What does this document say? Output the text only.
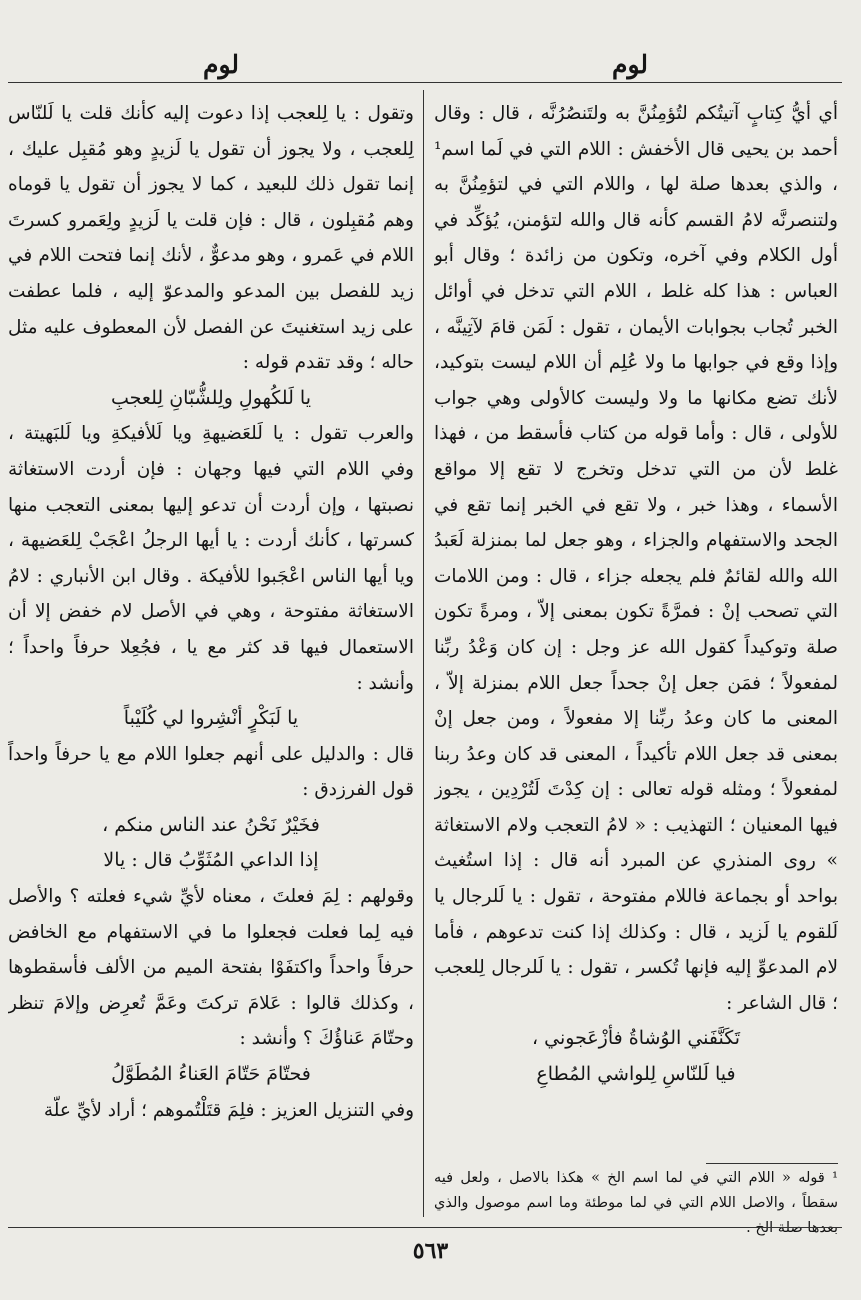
لوم
لوم

أي أيُّ كِتابٍ آتيتُكم لتُؤمِنُنَّ به ولتَنصُرُنَّه ، قال : وقال أحمد بن يحيى قال الأخفش : اللام التي في لَما اسم¹ ، والذي بعدها صلة لها ، واللام التي في لتؤمِنُنَّ به ولتنصرنَّه لامُ القسم كأنه قال والله لتؤمنن، يُؤكِّد في أول الكلام وفي آخره، وتكون من زائدة ؛ وقال أبو العباس : هذا كله غلط ، اللام التي تدخل في أوائل الخبر تُجاب بجوابات الأيمان ، تقول : لَمَن قامَ لآتِينَّه ، وإذا وقع في جوابها ما ولا عُلِم أن اللام ليست بتوكيد، لأنك تضع مكانها ما ولا وليست كالأولى وهي جواب للأولى ، قال : وأما قوله من كتاب فأسقط من ، فهذا غلط لأن من التي تدخل وتخرج لا تقع إلا مواقع الأسماء ، وهذا خبر ، ولا تقع في الخبر إنما تقع في الجحد والاستفهام والجزاء ، وهو جعل لما بمنزلة لَعَبدُ الله والله لقائمٌ فلم يجعله جزاء ، قال : ومن اللامات التي تصحب إنْ : فمرَّةً تكون بمعنى إلاّ ، ومرةً تكون صلة وتوكيداً كقول الله عز وجل : إن كان وَعْدُ ربِّنا لمفعولاً ؛ فمَن جعل إنْ جحداً جعل اللام بمنزلة إلاّ ، المعنى ما كان وعدُ ربِّنا إلا مفعولاً ، ومن جعل إنْ بمعنى قد جعل اللام تأكيداً ، المعنى قد كان وعدُ ربنا لمفعولاً ؛ ومثله قوله تعالى : إن كِدْتَ لَتُرْدِين ، يجوز فيها المعنيان ؛ التهذيب : « لامُ التعجب ولام الاستغاثة » روى المنذري عن المبرد أنه قال : إذا استُغيث بواحد أو بجماعة فاللام مفتوحة ، تقول : يا لَلرجال يا لَلقوم يا لَزيد ، قال : وكذلك إذا كنت تدعوهم ، فأما لام المدعوِّ إليه فإنها تُكسر ، تقول : يا لَلرجال لِلعجب ؛ قال الشاعر :

تَكَنَّفَني الوُشاةُ فأزْعَجوني ،

فيا لَلنّاسِ لِلواشي المُطاعِ

وتقول : يا لِلعجب إذا دعوت إليه كأنك قلت يا لَلنّاس لِلعجب ، ولا يجوز أن تقول يا لَزيدٍ وهو مُقبِل عليك ، إنما تقول ذلك للبعيد ، كما لا يجوز أن تقول يا قوماه وهم مُقبِلون ، قال : فإن قلت يا لَزيدٍ ولِعَمرو كسرتَ اللام في عَمرو ، وهو مدعوٌّ ، لأنك إنما فتحت اللام في زيد للفصل بين المدعو والمدعوّ إليه ، فلما عطفت على زيد استغنيتَ عن الفصل لأن المعطوف عليه مثل حاله ؛ وقد تقدم قوله :

يا لَلكُهولِ ولِلشُّبّانِ لِلعجبِ

والعرب تقول : يا لَلعَضيهةِ ويا لَلأفيكةِ ويا لَلبَهيتة ، وفي اللام التي فيها وجهان : فإن أردت الاستغاثة نصبتها ، وإن أردت أن تدعو إليها بمعنى التعجب منها كسرتها ، كأنك أردت : يا أيها الرجلُ اعْجَبْ لِلعَضيهة ، ويا أيها الناس اعْجَبوا للأفيكة . وقال ابن الأنباري : لامُ الاستغاثة مفتوحة ، وهي في الأصل لام خفض إلا أن الاستعمال فيها قد كثر مع يا ، فجُعِلا حرفاً واحداً ؛ وأنشد :

يا لَبَكْرٍ أنْشِروا لي كُلَيْباً

قال : والدليل على أنهم جعلوا اللام مع يا حرفاً واحداً قول الفرزدق :

فخَيْرٌ نَحْنُ عند الناس منكم ،

إذا الداعي المُثَوِّبُ قال : يالا

وقولهم : لِمَ فعلتَ ، معناه لأيِّ شيء فعلته ؟ والأصل فيه لِما فعلت فجعلوا ما في الاستفهام مع الخافض حرفاً واحداً واكتفَوْا بفتحة الميم من الألف فأسقطوها ، وكذلك قالوا : عَلامَ تركتَ وعَمَّ تُعرِض وإلامَ تنظر وحتّامَ عَناؤُكَ ؟ وأنشد :

فحتّامَ حَتّامَ العَناءُ المُطَوَّلُ

وفي التنزيل العزيز : فلِمَ قتَلْتُموهم ؛ أراد لأيِّ علّة

¹ قوله « اللام التي في لما اسم الخ » هكذا بالاصل ، ولعل فيه سقطاً ، والاصل اللام التي في لما موطئة وما اسم موصول والذي بعدها صلة الخ .
٥٦٣
